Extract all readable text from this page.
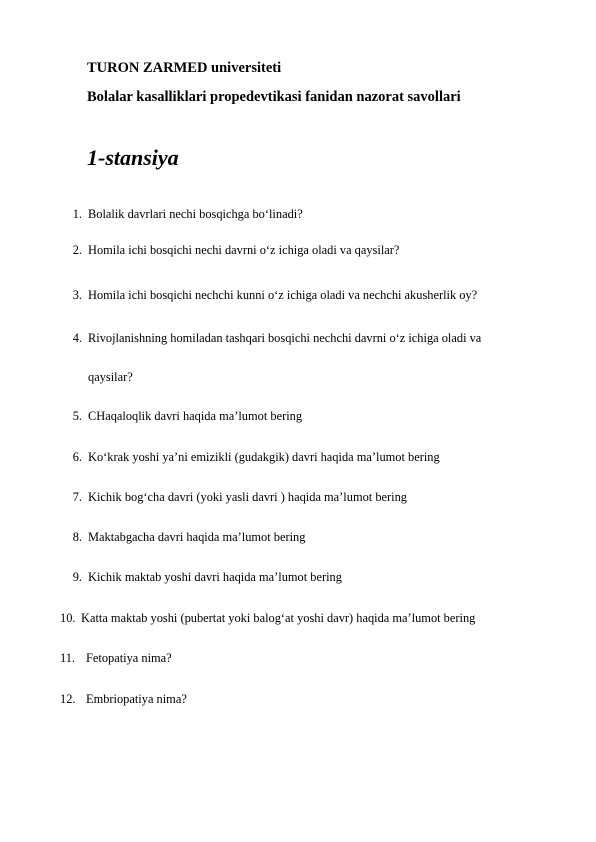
TURON ZARMED universiteti
Bolalar kasalliklari propedevtikasi fanidan nazorat savollari
1-stansiya
1. Bolalik davrlari nechi bosqichga bo‘linadi?
2. Homila ichi bosqichi nechi davrni o‘z ichiga oladi va qaysilar?
3. Homila ichi bosqichi nechchi kunni o‘z ichiga oladi va nechchi akusherlik oy?
4. Rivojlanishning homiladan tashqari bosqichi nechchi davrni o‘z ichiga oladi va
qaysilar?
5. CHaqaloqlik davri haqida ma’lumot bering
6. Ko‘krak yoshi ya’ni emizikli (gudakgik) davri haqida ma’lumot bering
7. Kichik bog‘cha davri (yoki yasli davri ) haqida ma’lumot bering
8. Maktabgacha davri haqida ma’lumot bering
9. Kichik maktab yoshi davri haqida ma’lumot bering
10. Katta maktab yoshi (pubertat yoki balog‘at yoshi davr) haqida ma’lumot bering
11. Fetopatiya nima?
12. Embriopatiya nima?
